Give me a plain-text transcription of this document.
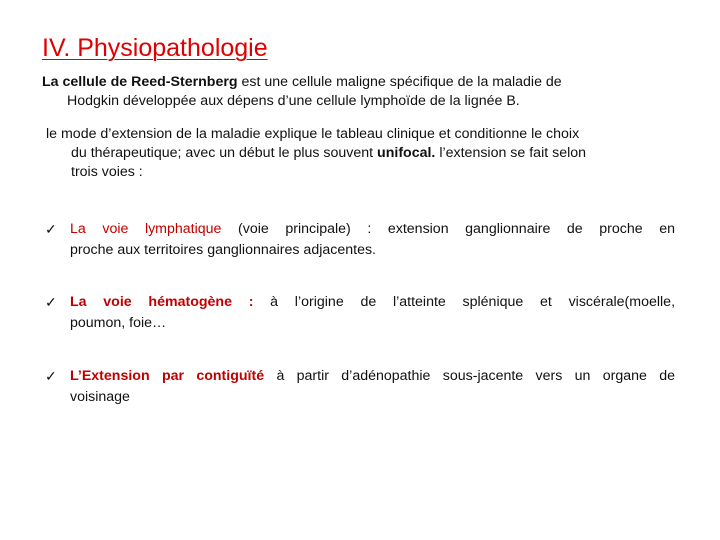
IV. Physiopathologie
La cellule de Reed-Sternberg est une cellule maligne spécifique de la maladie de
Hodgkin développée aux dépens d’une cellule lymphoïde de la lignée B.
le mode d’extension de la maladie explique le tableau clinique et conditionne le choix
du thérapeutique; avec un début le plus souvent unifocal. l’extension se fait selon
trois voies :
✓ La voie lymphatique (voie principale) : extension ganglionnaire de proche en
proche aux territoires ganglionnaires adjacentes.
✓ La voie hématogène : à l’origine de l’atteinte splénique et viscérale(moelle,
poumon, foie…
✓ L’Extension par contiguïté à partir d’adénopathie sous-jacente vers un organe de
voisinage
